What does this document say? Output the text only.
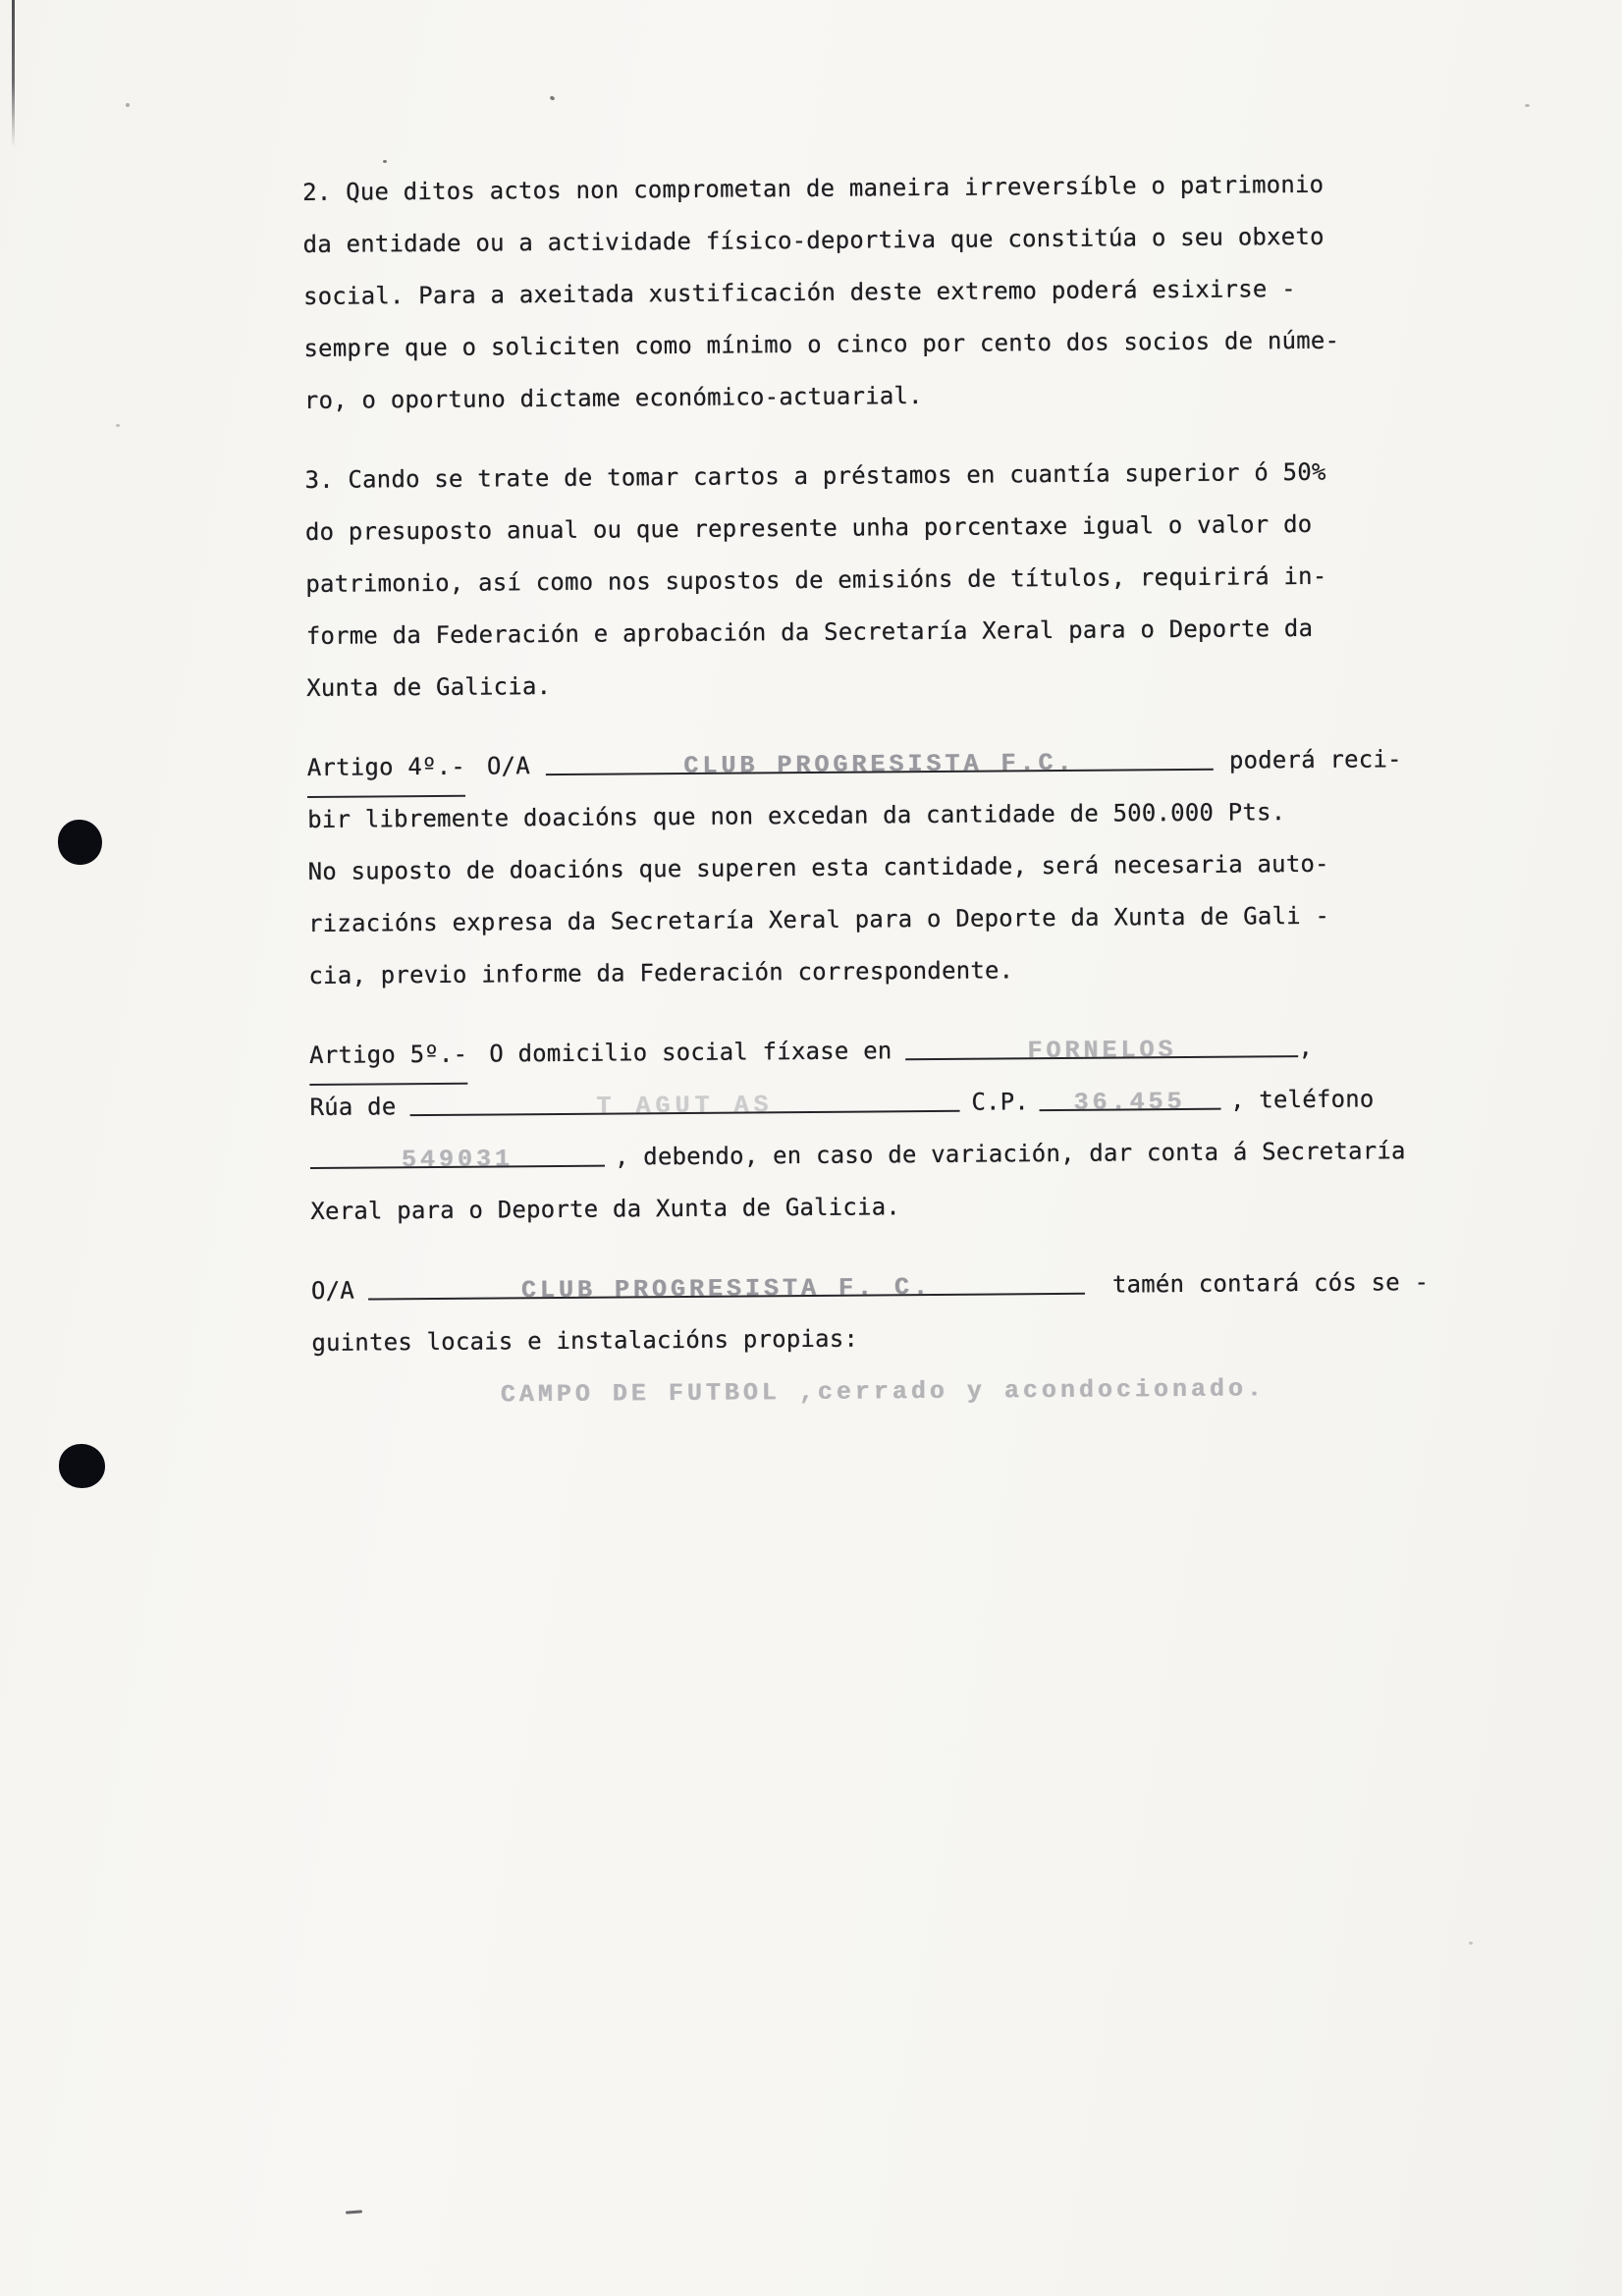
2. Que ditos actos non comprometan de maneira irreversíble o patrimonio
da entidade ou a actividade físico-deportiva que constitúa o seu obxeto
social. Para a axeitada xustificación deste extremo poderá esixirse -
sempre que o soliciten como mínimo o cinco por cento dos socios de núme-
ro, o oportuno dictame económico-actuarial.
3. Cando se trate de tomar cartos a préstamos en cuantía superior ó 50%
do presuposto anual ou que represente unha porcentaxe igual o valor do
patrimonio, así como nos supostos de emisións de títulos, requirirá in-
forme da Federación e aprobación da Secretaría Xeral para o Deporte da
Xunta de Galicia.
Artigo 4º.- O/A	CLUB PROGRESISTA F.C.	poderá reci-
bir libremente doacións que non excedan da cantidade de 500.000 Pts.
No suposto de doacións que superen esta cantidade, será necesaria auto-
rizacións expresa da Secretaría Xeral para o Deporte da Xunta de Gali -
cia, previo informe da Federación correspondente.
Artigo 5º.- O domicilio social fíxase en	FORNELOS	,
Rúa de	T AGUT AS	C.P. 36.455 , teléfono
549031	, debendo, en caso de variación, dar conta á Secretaría
Xeral para o Deporte da Xunta de Galicia.
O/A	CLUB PROGRESISTA F. C.	tamén contará cós se -
guintes locais e instalacións propias:
CAMPO DE FUTBOL ,cerrado y acondocionado.
